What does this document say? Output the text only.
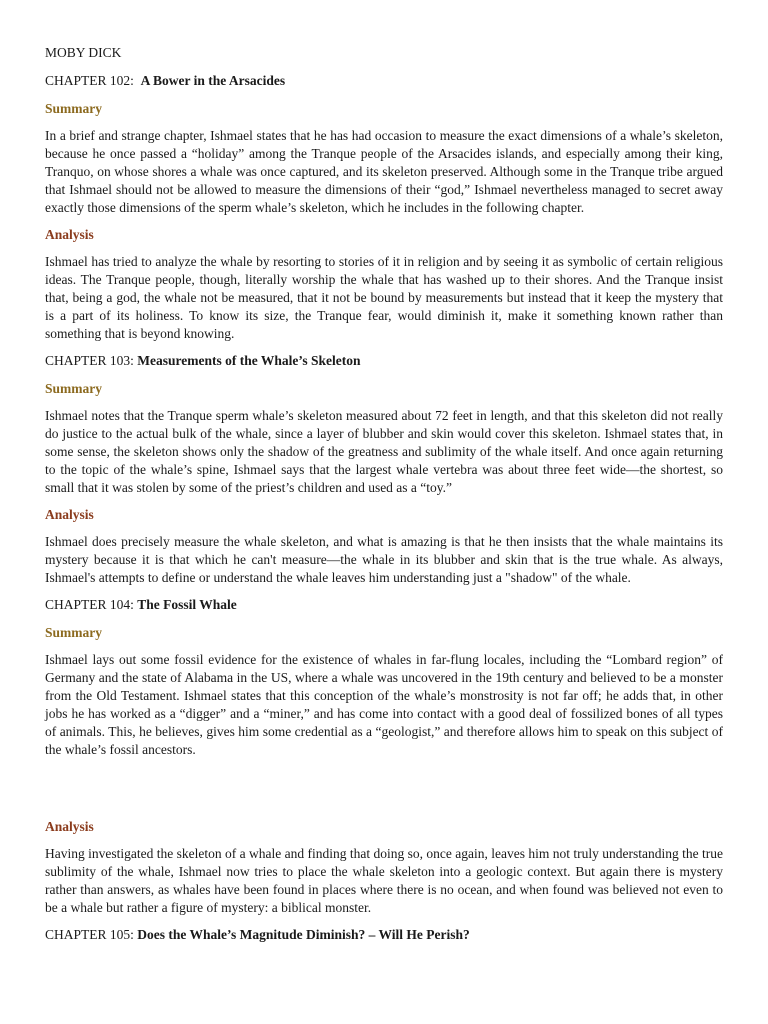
MOBY DICK
CHAPTER 102: A Bower in the Arsacides
Summary
In a brief and strange chapter, Ishmael states that he has had occasion to measure the exact dimensions of a whale’s skeleton, because he once passed a “holiday” among the Tranque people of the Arsacides islands, and especially among their king, Tranquo, on whose shores a whale was once captured, and its skeleton preserved. Although some in the Tranque tribe argued that Ishmael should not be allowed to measure the dimensions of their “god,” Ishmael nevertheless managed to secret away exactly those dimensions of the sperm whale’s skeleton, which he includes in the following chapter.
Analysis
Ishmael has tried to analyze the whale by resorting to stories of it in religion and by seeing it as symbolic of certain religious ideas. The Tranque people, though, literally worship the whale that has washed up to their shores. And the Tranque insist that, being a god, the whale not be measured, that it not be bound by measurements but instead that it keep the mystery that is a part of its holiness. To know its size, the Tranque fear, would diminish it, make it something known rather than something that is beyond knowing.
CHAPTER 103: Measurements of the Whale’s Skeleton
Summary
Ishmael notes that the Tranque sperm whale’s skeleton measured about 72 feet in length, and that this skeleton did not really do justice to the actual bulk of the whale, since a layer of blubber and skin would cover this skeleton. Ishmael states that, in some sense, the skeleton shows only the shadow of the greatness and sublimity of the whale itself. And once again returning to the topic of the whale’s spine, Ishmael says that the largest whale vertebra was about three feet wide—the shortest, so small that it was stolen by some of the priest’s children and used as a “toy.”
Analysis
Ishmael does precisely measure the whale skeleton, and what is amazing is that he then insists that the whale maintains its mystery because it is that which he can't measure—the whale in its blubber and skin that is the true whale. As always, Ishmael's attempts to define or understand the whale leaves him understanding just a "shadow" of the whale.
CHAPTER 104: The Fossil Whale
Summary
Ishmael lays out some fossil evidence for the existence of whales in far-flung locales, including the “Lombard region” of Germany and the state of Alabama in the US, where a whale was uncovered in the 19th century and believed to be a monster from the Old Testament. Ishmael states that this conception of the whale’s monstrosity is not far off; he adds that, in other jobs he has worked as a “digger” and a “miner,” and has come into contact with a good deal of fossilized bones of all types of animals. This, he believes, gives him some credential as a “geologist,” and therefore allows him to speak on this subject of the whale’s fossil ancestors.
Analysis
Having investigated the skeleton of a whale and finding that doing so, once again, leaves him not truly understanding the true sublimity of the whale, Ishmael now tries to place the whale skeleton into a geologic context. But again there is mystery rather than answers, as whales have been found in places where there is no ocean, and when found was believed not even to be a whale but rather a figure of mystery: a biblical monster.
CHAPTER 105: Does the Whale’s Magnitude Diminish? – Will He Perish?
